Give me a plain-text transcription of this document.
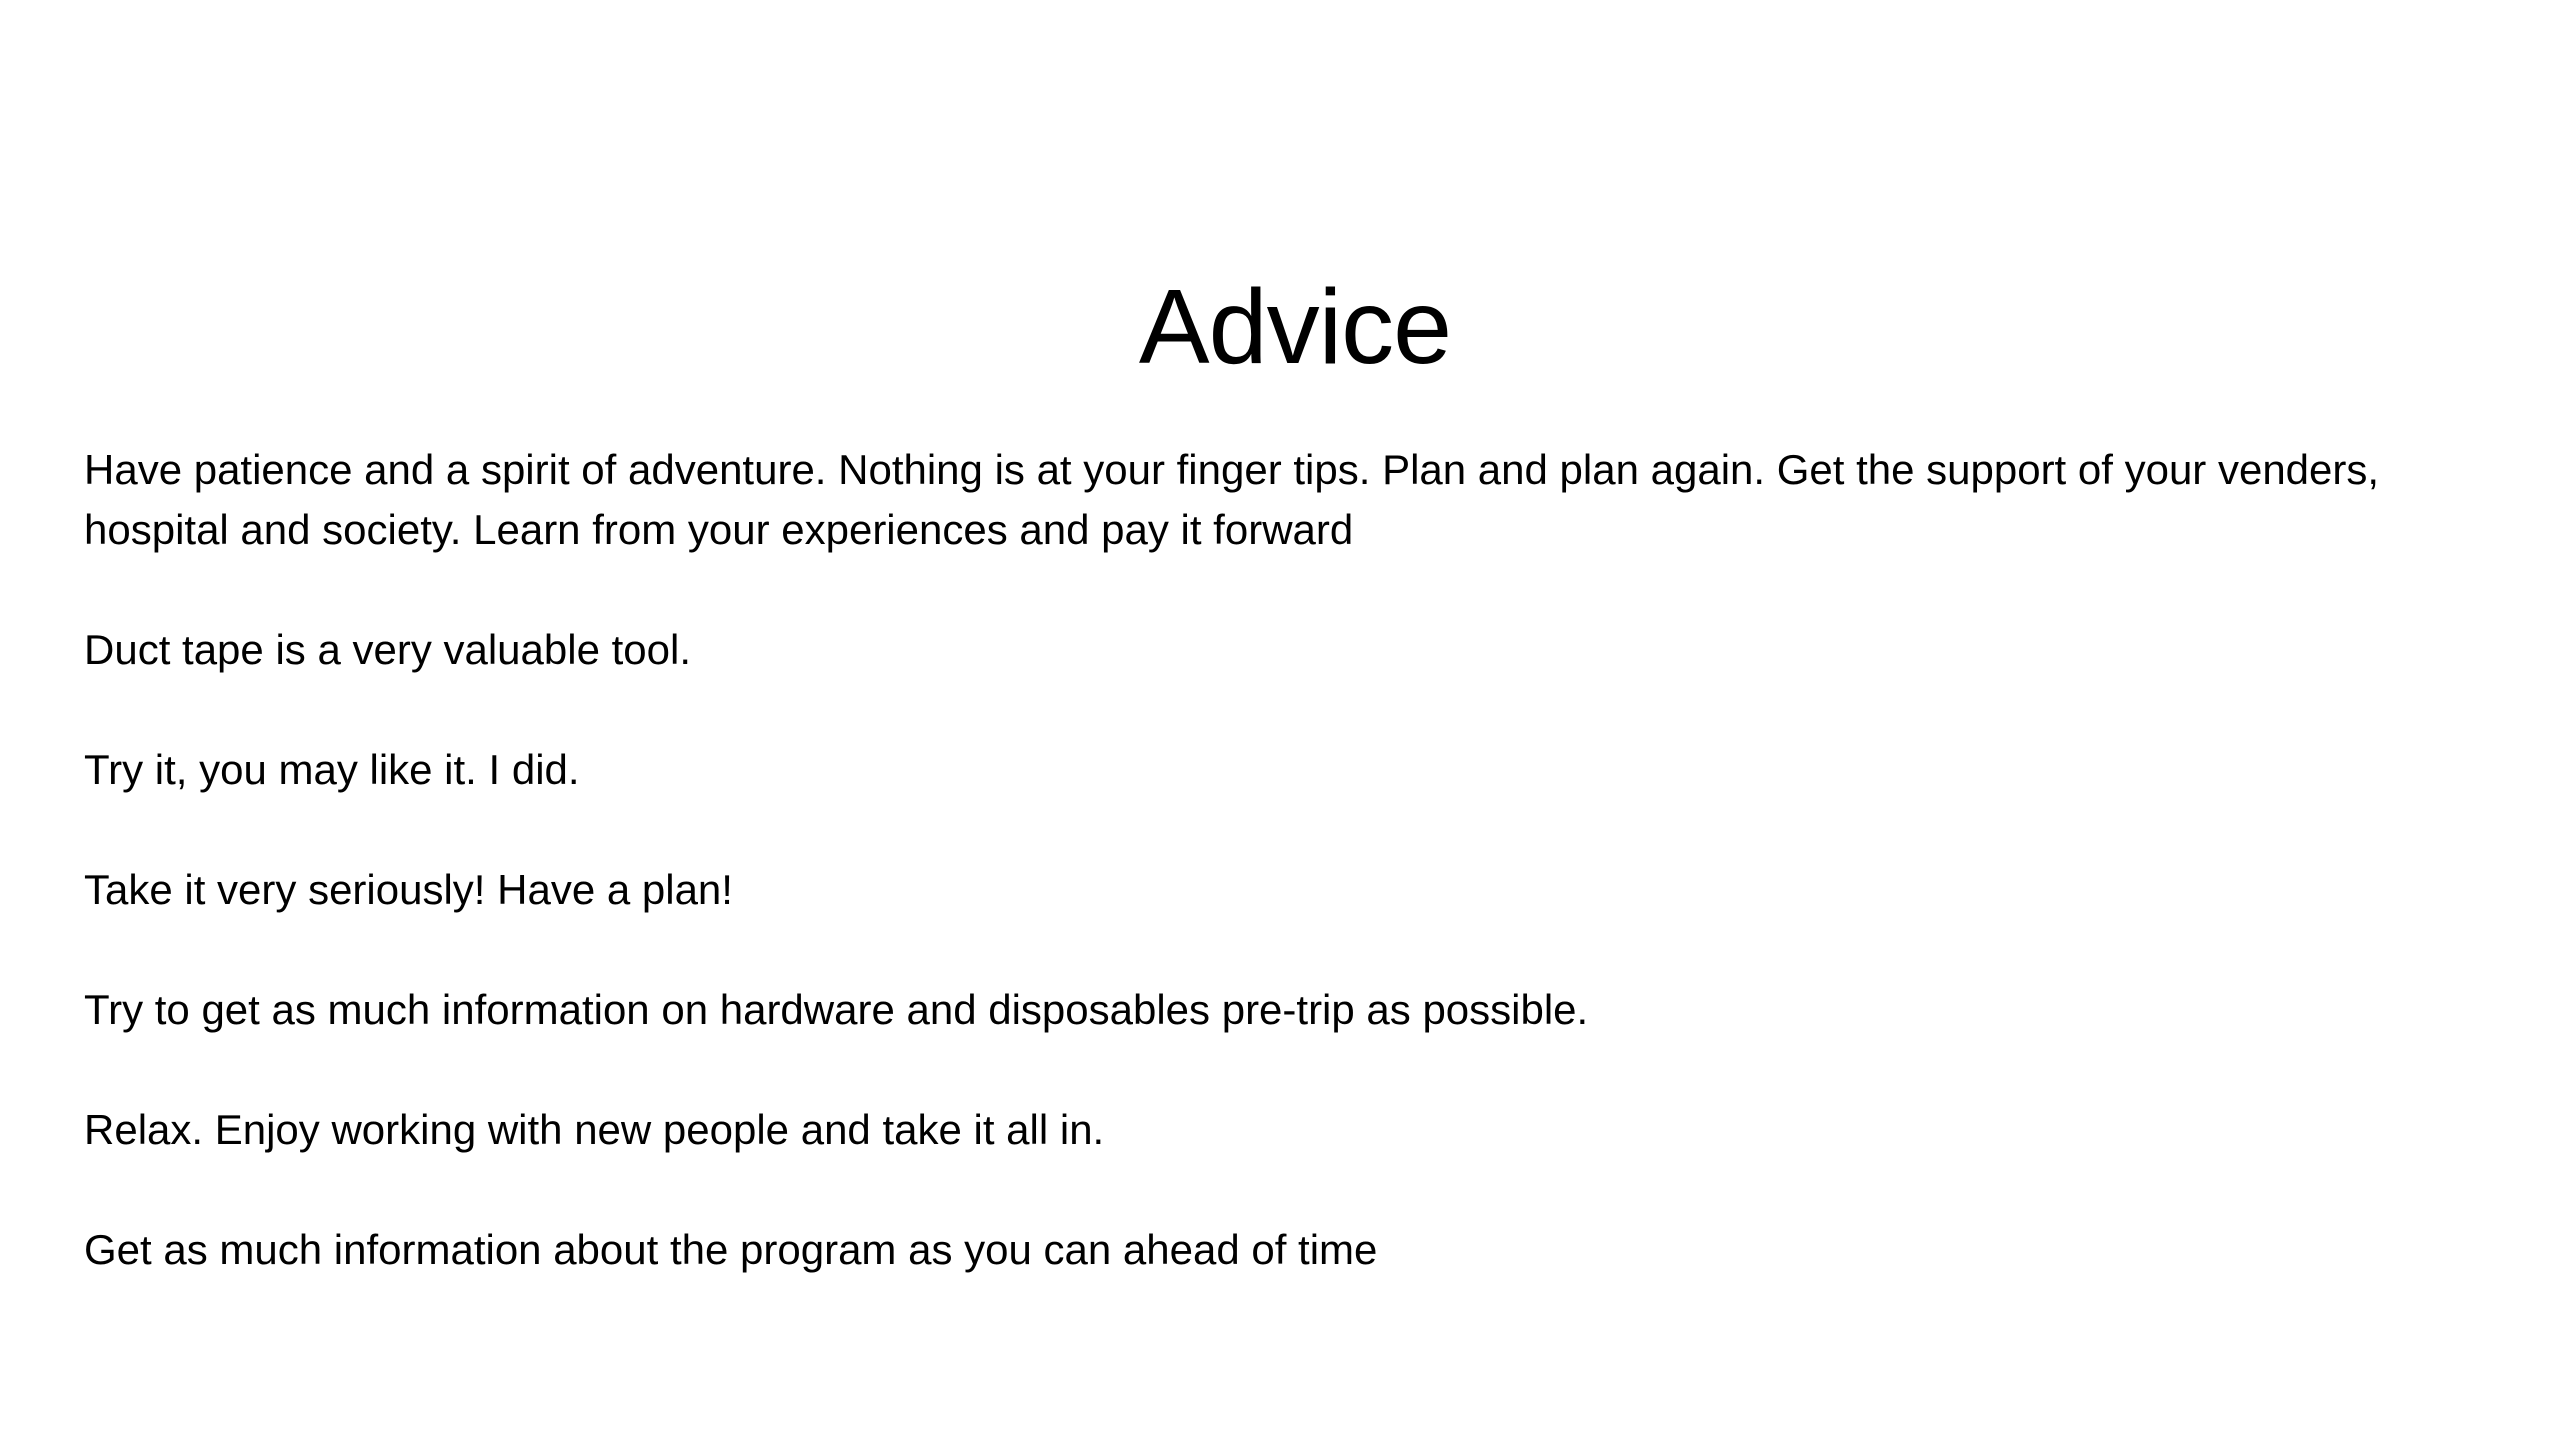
Advice

Have patience and a spirit of adventure. Nothing is at your finger tips. Plan and plan again. Get the support of your venders, hospital and society. Learn from your experiences and pay it forward

Duct tape is a very valuable tool.

Try it, you may like it. I did.

Take it very seriously! Have a plan!

Try to get as much information on hardware and disposables pre-trip as possible.

Relax. Enjoy working with new people and take it all in.

Get as much information about the program as you can ahead of time
